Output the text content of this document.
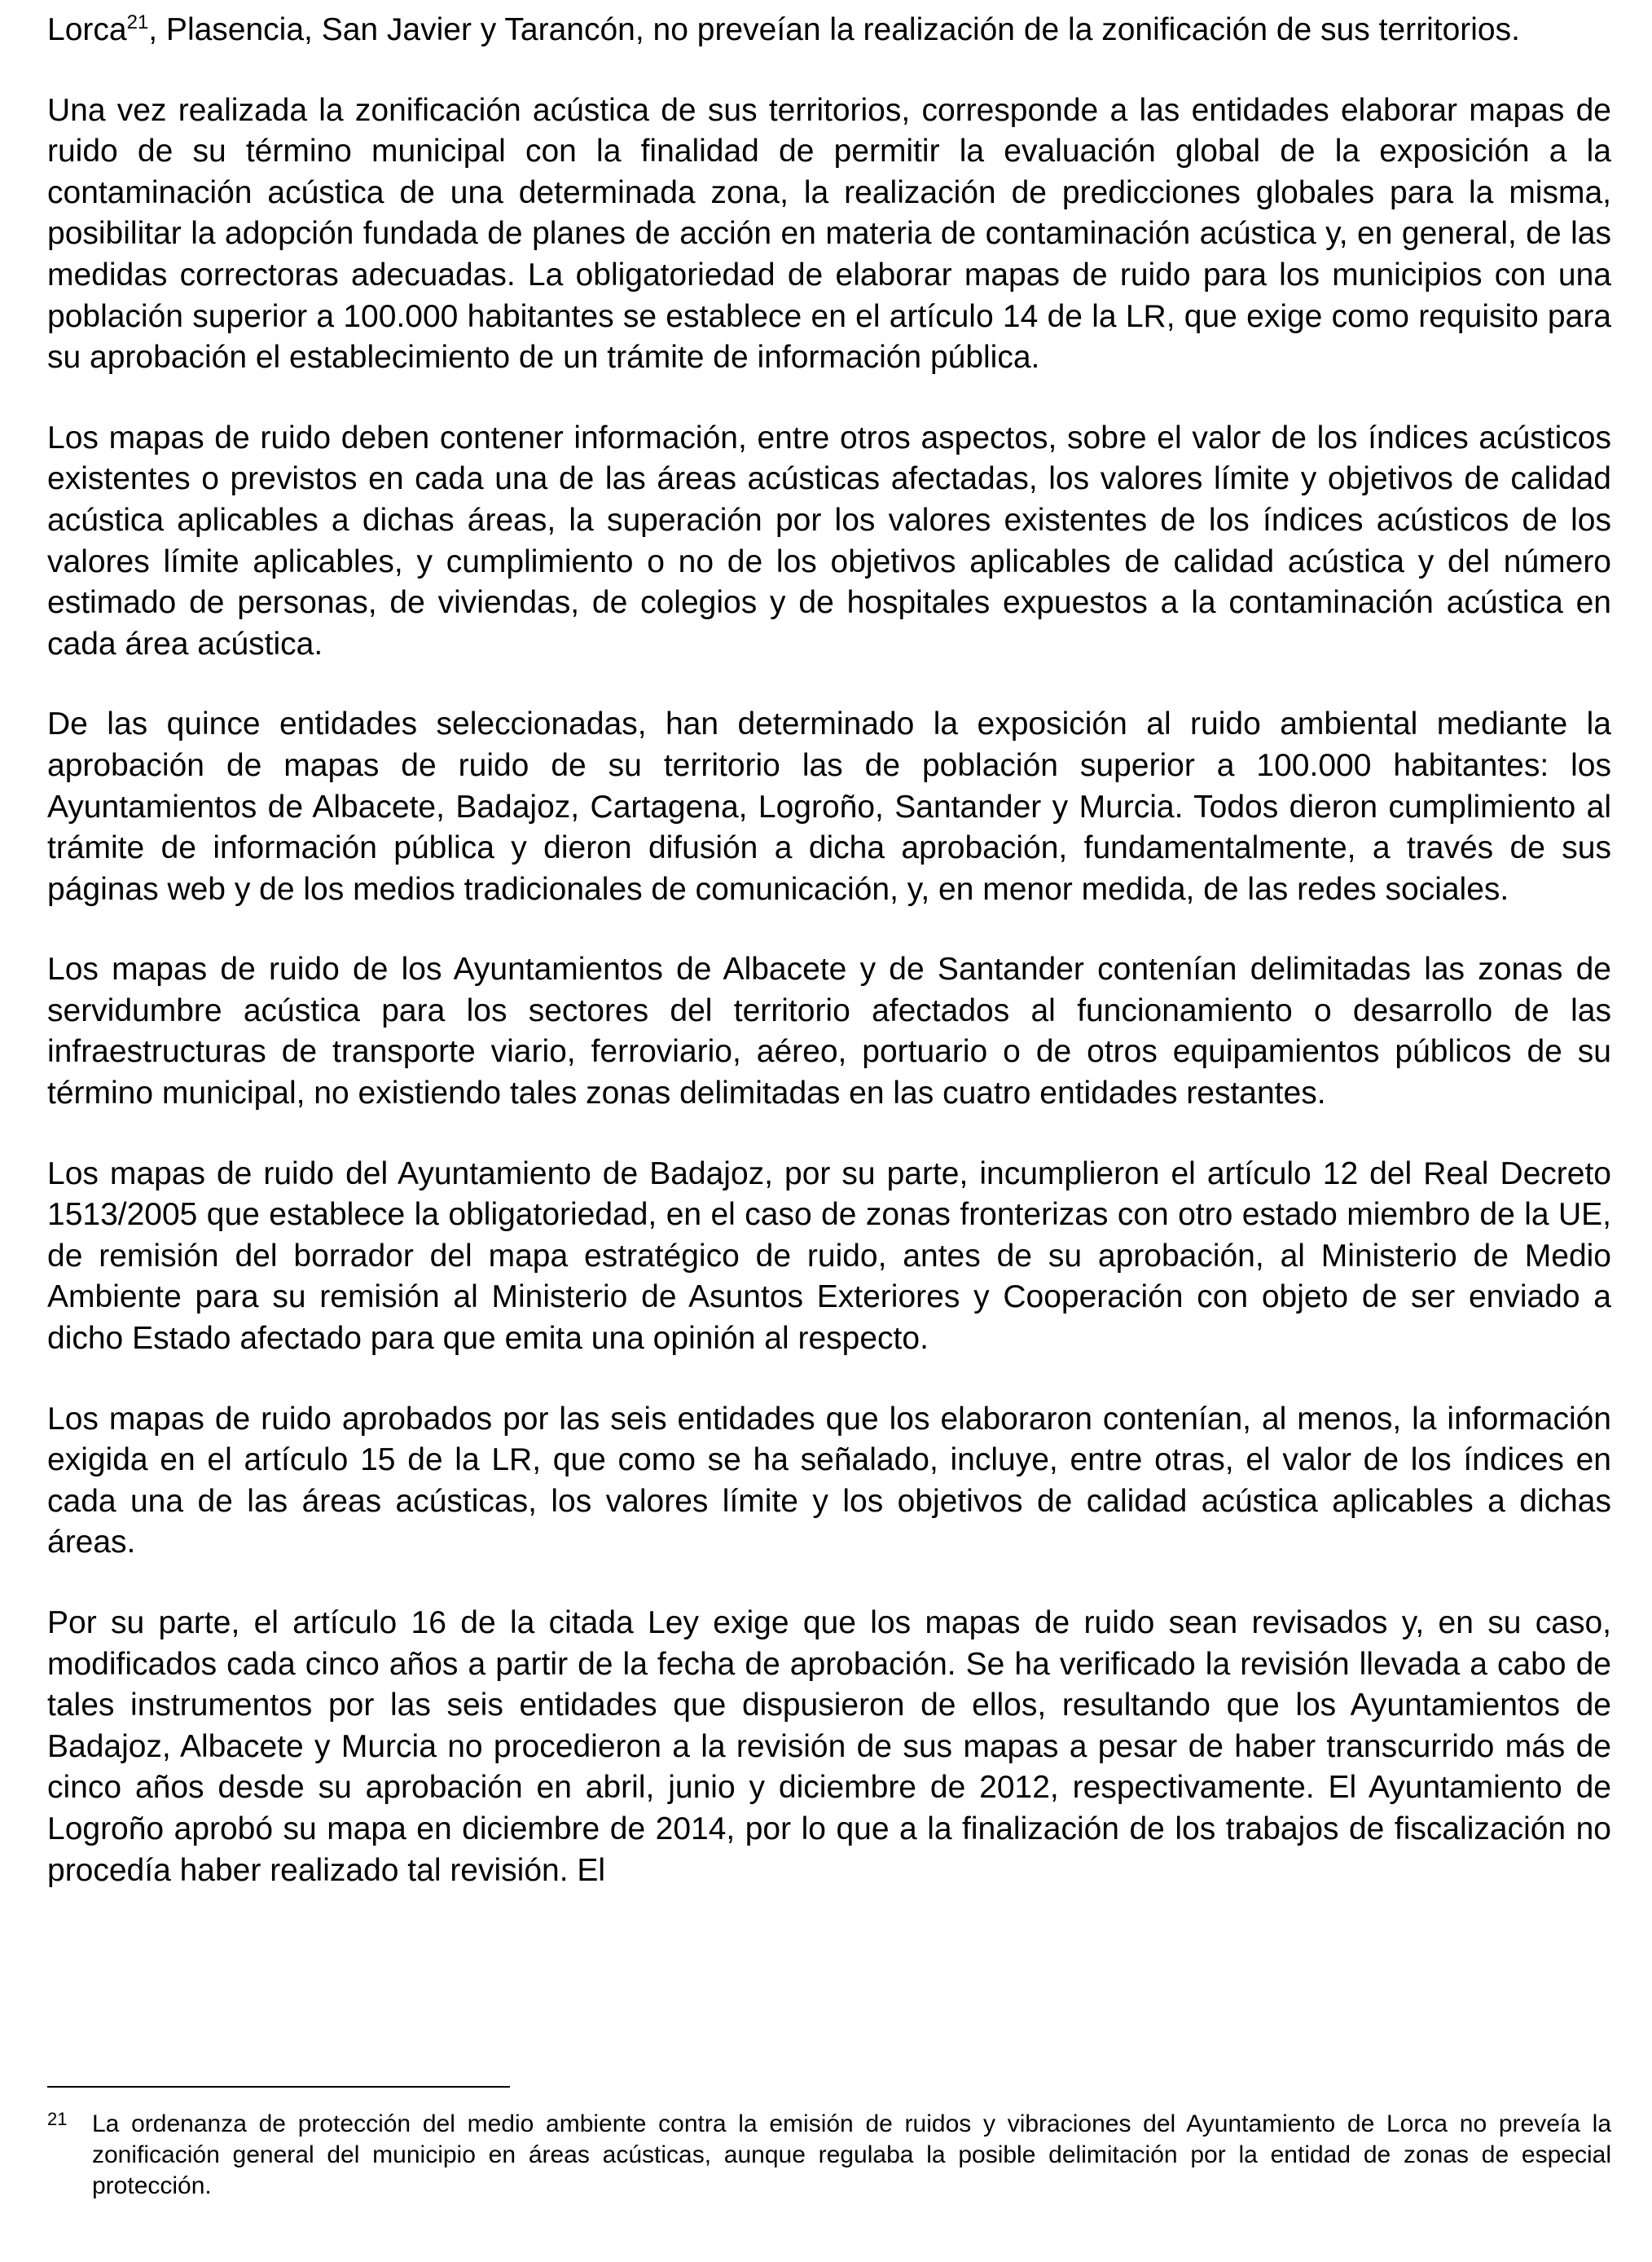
Lorca$^{21}$, Plasencia, San Javier y Tarancón, no preveían la realización de la zonificación de sus territorios.

Una vez realizada la zonificación acústica de sus territorios, corresponde a las entidades elaborar mapas de ruido de su término municipal con la finalidad de permitir la evaluación global de la exposición a la contaminación acústica de una determinada zona, la realización de predicciones globales para la misma, posibilitar la adopción fundada de planes de acción en materia de contaminación acústica y, en general, de las medidas correctoras adecuadas. La obligatoriedad de elaborar mapas de ruido para los municipios con una población superior a 100.000 habitantes se establece en el artículo 14 de la LR, que exige como requisito para su aprobación el establecimiento de un trámite de información pública.

Los mapas de ruido deben contener información, entre otros aspectos, sobre el valor de los índices acústicos existentes o previstos en cada una de las áreas acústicas afectadas, los valores límite y objetivos de calidad acústica aplicables a dichas áreas, la superación por los valores existentes de los índices acústicos de los valores límite aplicables, y cumplimiento o no de los objetivos aplicables de calidad acústica y del número estimado de personas, de viviendas, de colegios y de hospitales expuestos a la contaminación acústica en cada área acústica.

De las quince entidades seleccionadas, han determinado la exposición al ruido ambiental mediante la aprobación de mapas de ruido de su territorio las de población superior a 100.000 habitantes: los Ayuntamientos de Albacete, Badajoz, Cartagena, Logroño, Santander y Murcia. Todos dieron cumplimiento al trámite de información pública y dieron difusión a dicha aprobación, fundamentalmente, a través de sus páginas web y de los medios tradicionales de comunicación, y, en menor medida, de las redes sociales.

Los mapas de ruido de los Ayuntamientos de Albacete y de Santander contenían delimitadas las zonas de servidumbre acústica para los sectores del territorio afectados al funcionamiento o desarrollo de las infraestructuras de transporte viario, ferroviario, aéreo, portuario o de otros equipamientos públicos de su término municipal, no existiendo tales zonas delimitadas en las cuatro entidades restantes.

Los mapas de ruido del Ayuntamiento de Badajoz, por su parte, incumplieron el artículo 12 del Real Decreto 1513/2005 que establece la obligatoriedad, en el caso de zonas fronterizas con otro estado miembro de la UE, de remisión del borrador del mapa estratégico de ruido, antes de su aprobación, al Ministerio de Medio Ambiente para su remisión al Ministerio de Asuntos Exteriores y Cooperación con objeto de ser enviado a dicho Estado afectado para que emita una opinión al respecto.

Los mapas de ruido aprobados por las seis entidades que los elaboraron contenían, al menos, la información exigida en el artículo 15 de la LR, que como se ha señalado, incluye, entre otras, el valor de los índices en cada una de las áreas acústicas, los valores límite y los objetivos de calidad acústica aplicables a dichas áreas.

Por su parte, el artículo 16 de la citada Ley exige que los mapas de ruido sean revisados y, en su caso, modificados cada cinco años a partir de la fecha de aprobación. Se ha verificado la revisión llevada a cabo de tales instrumentos por las seis entidades que dispusieron de ellos, resultando que los Ayuntamientos de Badajoz, Albacete y Murcia no procedieron a la revisión de sus mapas a pesar de haber transcurrido más de cinco años desde su aprobación en abril, junio y diciembre de 2012, respectivamente. El Ayuntamiento de Logroño aprobó su mapa en diciembre de 2014, por lo que a la finalización de los trabajos de fiscalización no procedía haber realizado tal revisión. El

21 La ordenanza de protección del medio ambiente contra la emisión de ruidos y vibraciones del Ayuntamiento de Lorca no preveía la zonificación general del municipio en áreas acústicas, aunque regulaba la posible delimitación por la entidad de zonas de especial protección.
